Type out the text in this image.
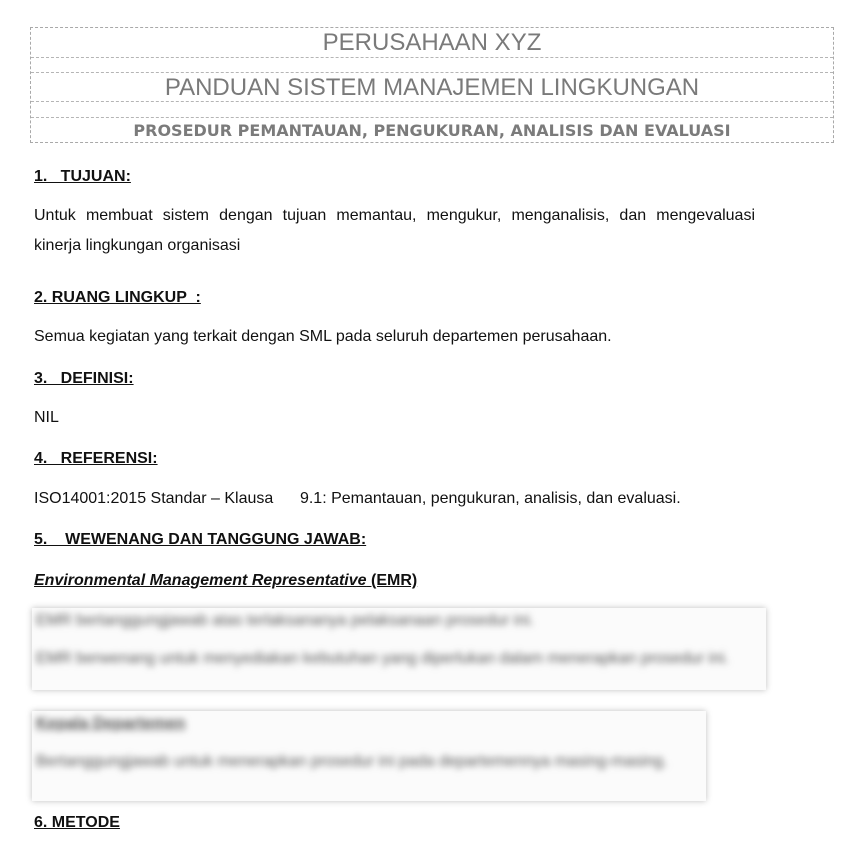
PERUSAHAAN XYZ
PANDUAN SISTEM MANAJEMEN LINGKUNGAN
PROSEDUR PEMANTAUAN, PENGUKURAN, ANALISIS DAN EVALUASI
1.   TUJUAN:
Untuk membuat sistem dengan tujuan memantau, mengukur, menganalisis, dan mengevaluasi kinerja lingkungan organisasi
2. RUANG LINGKUP  :
Semua kegiatan yang terkait dengan SML pada seluruh departemen perusahaan.
3.   DEFINISI:
NIL
4.   REFERENSI:
ISO14001:2015 Standar – Klausa      9.1: Pemantauan, pengukuran, analisis, dan evaluasi.
5.    WEWENANG DAN TANGGUNG JAWAB:
Environmental Management Representative (EMR)
EMR bertanggungjawab atas terlaksananya pelaksanaan prosedur ini.
EMR berwenang untuk menyediakan kebutuhan yang diperlukan dalam menerapkan prosedur ini.
Kepala Departemen
Bertanggungjawab untuk menerapkan prosedur ini pada departemennya masing-masing.
6. METODE
